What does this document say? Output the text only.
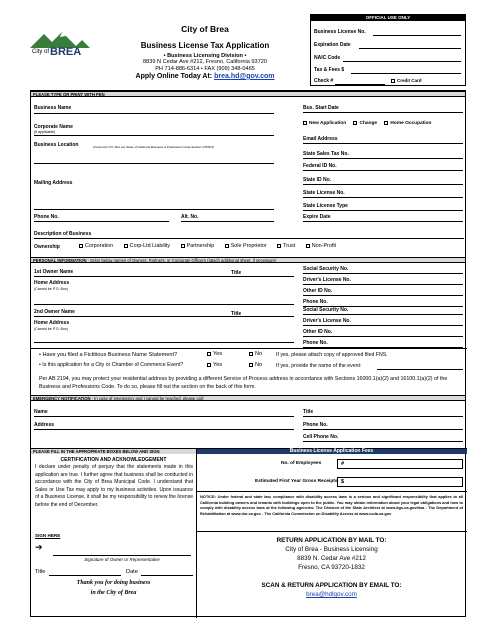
City of BREA
City of Brea
Business License Tax Application
• Business Licensing Division •
8839 N Cedar Ave #212, Fresno, California 93720
PH 714-886-6314 • FAX (909) 348-0465
Apply Online Today At: brea.hd@gov.com
OFFICIAL USE ONLY
Business License No.
Expiration Date
NAIC Code
Tax & Fees $
Check #	Credit Card
PLEASE TYPE OR PRINT WITH PEN
Business Name
Corporate Name
(if applicable)
Business Location	(Cannot be P.O. Box per State of California Business & Professions Code Section 17538.5)
Mailing Address
Phone No.	Alt. No.
Description of Business
Ownership	Corporation	Corp-Ltd Liability	Partnership	Sole Proprietor	Trust	Non-Profit
Bus. Start Date
New Application	Change	Home Occupation
Email Address
State Sales Tax No.
Federal ID No.
State ID No.
State License No.
State License Type
Expire Date
PERSONAL INFORMATION - Enter below names of Owners, Partners, or Corporate Officers (attach additional sheet, if necessary)
1st Owner Name	Title
Home Address
(Cannot be P.O. Box)
Social Security No.
Driver's License No.
Other ID No.
Phone No.
2nd Owner Name	Title
Home Address
(Cannot be P.O. Box)
Social Security No.
Driver's License No.
Other ID No.
Phone No.
• Have you filed a Fictitious Business Name Statement?	Yes	No	If yes, please attach copy of approved filed FNS.
• Is this application for a City or Chamber of Commerce Event?	Yes	No	If yes, provide the name of the event:
Per AB 2194, you may protect your residential address by providing a different Service of Process address in accordance with Sections 16000.1(a)(2) and 16100.1(a)(2) of the Business and Professions Code. To do so, please fill out the section on the back of this form.
EMERGENCY NOTIFICATION - In case of emergency and I cannot be reached, please call:
Name
Address
Title
Phone No.
Cell Phone No.
PLEASE FILL IN THE APPROPRIATE BOXES BELOW AND SIGN	Business License Application Fees
CERTIFICATION AND ACKNOWLEDGEMENT
I declare under penalty of perjury that the statements made in this application are true. I further agree that business shall be conducted in accordance with the City of Brea Municipal Code. I understand that Sales or Use Tax may apply to my business activities. Upon issuance of a Business License, it shall be my responsibility to renew the license before the end of December.
SIGN HERE
➔
Signature of Owner or Representative
Title	Date
Thank you for doing business
in the City of Brea
No. of Employees	#
Estimated First Year Gross Receipts $
NOTICE: Under federal and state law, compliance with disability access laws is a serious and significant responsibility that applies to all California building owners and tenants with buildings open to the public. You may obtain information about your legal obligations and how to comply with disability access laws at the following agencies: The Division of the State Architect at www.dgs.ca.gov/dsa - The Department of Rehabilitation at www.dor.ca.gov - The California Commission on Disability Access at www.ccda.ca.gov
RETURN APPLICATION BY MAIL TO:
City of Brea - Business Licensing
8839 N. Cedar Ave #212
Fresno, CA 93720-1832
SCAN & RETURN APPLICATION BY EMAIL TO:
brea@hdlgov.com
